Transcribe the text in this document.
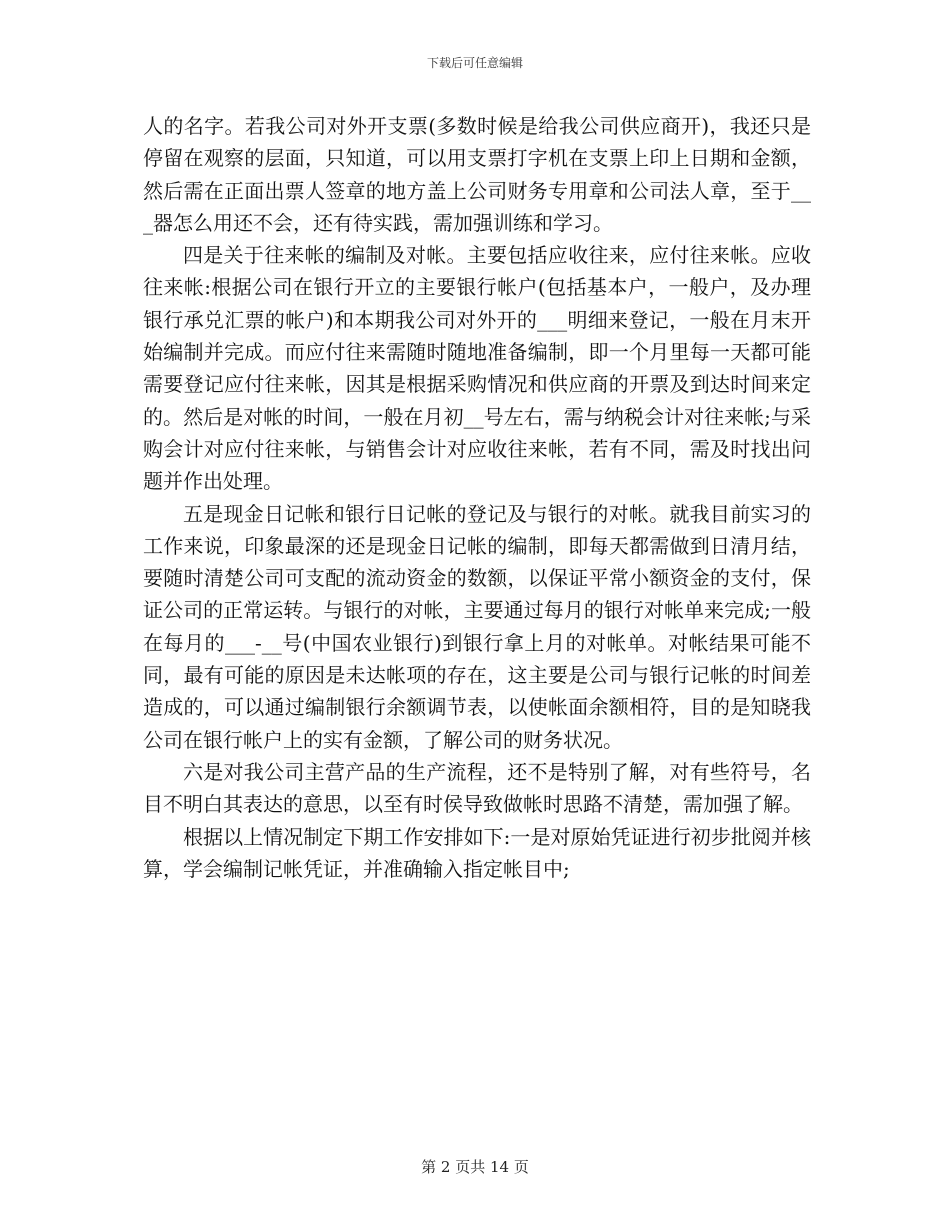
下载后可任意编辑

人的名字。若我公司对外开支票(多数时候是给我公司供应商开)，我还只是停留在观察的层面，只知道，可以用支票打字机在支票上印上日期和金额，然后需在正面出票人签章的地方盖上公司财务专用章和公司法人章，至于___器怎么用还不会，还有待实践，需加强训练和学习。

四是关于往来帐的编制及对帐。主要包括应收往来，应付往来帐。应收往来帐:根据公司在银行开立的主要银行帐户(包括基本户，一般户，及办理银行承兑汇票的帐户)和本期我公司对外开的___明细来登记，一般在月末开始编制并完成。而应付往来需随时随地准备编制，即一个月里每一天都可能需要登记应付往来帐，因其是根据采购情况和供应商的开票及到达时间来定的。然后是对帐的时间，一般在月初__号左右，需与纳税会计对往来帐;与采购会计对应付往来帐，与销售会计对应收往来帐，若有不同，需及时找出问题并作出处理。

五是现金日记帐和银行日记帐的登记及与银行的对帐。就我目前实习的工作来说，印象最深的还是现金日记帐的编制，即每天都需做到日清月结，要随时清楚公司可支配的流动资金的数额，以保证平常小额资金的支付，保证公司的正常运转。与银行的对帐，主要通过每月的银行对帐单来完成;一般在每月的___-__号(中国农业银行)到银行拿上月的对帐单。对帐结果可能不同，最有可能的原因是未达帐项的存在，这主要是公司与银行记帐的时间差造成的，可以通过编制银行余额调节表，以使帐面余额相符，目的是知晓我公司在银行帐户上的实有金额，了解公司的财务状况。

六是对我公司主营产品的生产流程，还不是特别了解，对有些符号，名目不明白其表达的意思，以至有时侯导致做帐时思路不清楚，需加强了解。

根据以上情况制定下期工作安排如下:一是对原始凭证进行初步批阅并核算，学会编制记帐凭证，并准确输入指定帐目中;

第 2 页共 14 页
